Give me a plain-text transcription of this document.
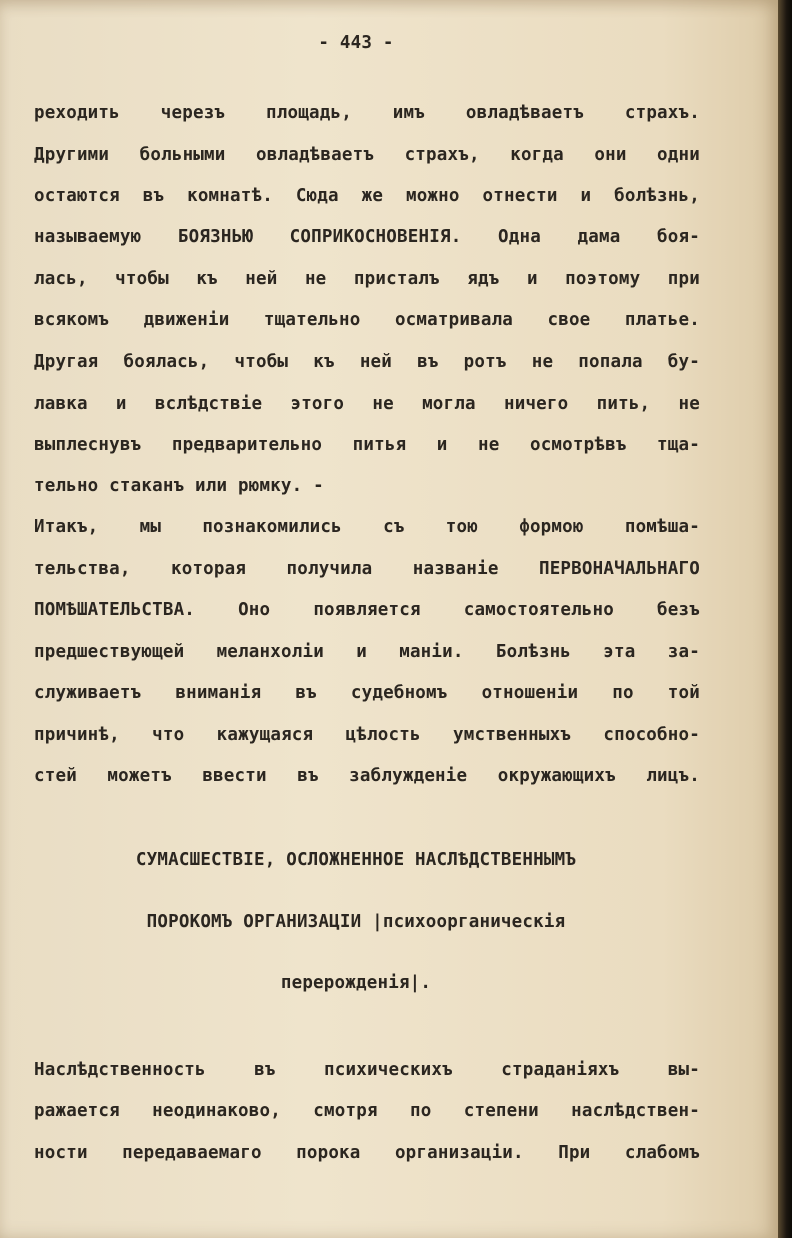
- 443 -
реходить черезъ площадь, имъ овладѣваетъ страхъ.
Другими больными овладѣваетъ страхъ, когда они одни
остаются въ комнатѣ. Сюда же можно отнести и болѣзнь,
называемую БОЯЗНЬЮ СОПРИКОСНОВЕНІЯ. Одна дама боя-
лась, чтобы къ ней не присталъ ядъ и поэтому при
всякомъ движеніи тщательно осматривала свое платье.
Другая боялась, чтобы къ ней въ ротъ не попала бу-
лавка и вслѣдствіе этого не могла ничего пить, не
выплеснувъ предварительно питья и не осмотрѣвъ тща-
тельно стаканъ или рюмку. -
Итакъ, мы познакомились съ тою формою помѣша-
тельства, которая получила названіе ПЕРВОНАЧАЛЬНАГО
ПОМѢШАТЕЛЬСТВА. Оно появляется самостоятельно безъ
предшествующей меланхоліи и маніи. Болѣзнь эта за-
служиваетъ вниманія въ судебномъ отношеніи по той
причинѣ, что кажущаяся цѣлость умственныхъ способно-
стей можетъ ввести въ заблужденіе окружающихъ лицъ.
СУМАСШЕСТВІЕ, ОСЛОЖНЕННОЕ НАСЛѢДСТВЕННЫМЪ
ПОРОКОМЪ ОРГАНИЗАЦІИ |психоорганическія
перерожденія|.
Наслѣдственность въ психическихъ страданіяхъ вы-
ражается неодинаково, смотря по степени наслѣдствен-
ности передаваемаго порока организаціи. При слабомъ
